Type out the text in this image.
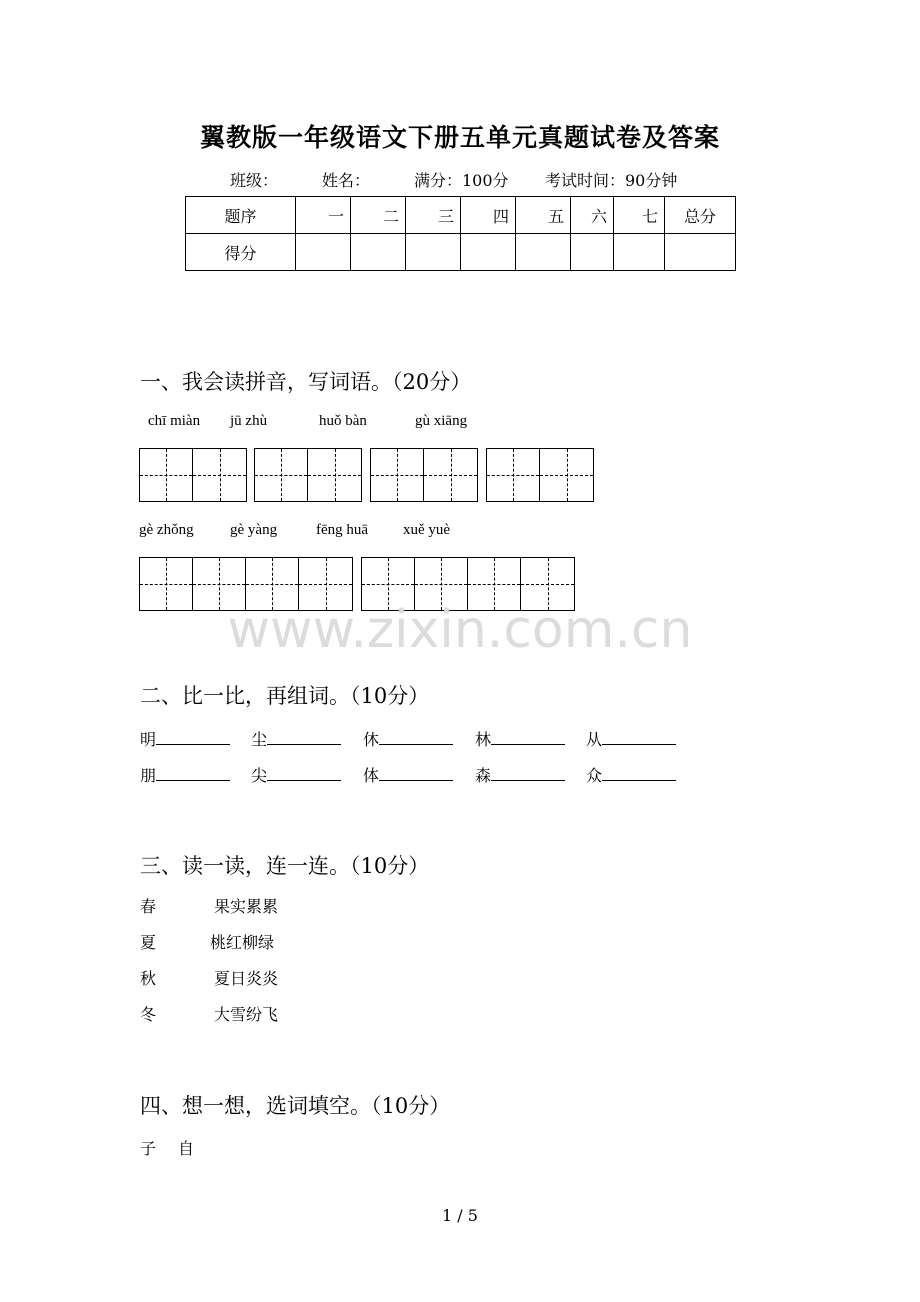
翼教版一年级语文下册五单元真题试卷及答案
班级：	姓名：	满分：100分 考试时间：90分钟
题序	一	二	三	四	五	六	七	总分
得分								
一、我会读拼音，写词语。（20分）
chī miàn jū zhù	huǒ bàn	gù xiāng
gè zhǒng gè yàng	fēng huā xuě yuè
www.zixin.com.cn
二、比一比，再组词。（10分）
明	尘	休	林	从
朋	尖	体	森	众
三、读一读，连一连。（10分）
春	果实累累
夏	桃红柳绿
秋	夏日炎炎
冬	大雪纷飞
四、想一想，选词填空。（10分）
子 自
1 / 5
